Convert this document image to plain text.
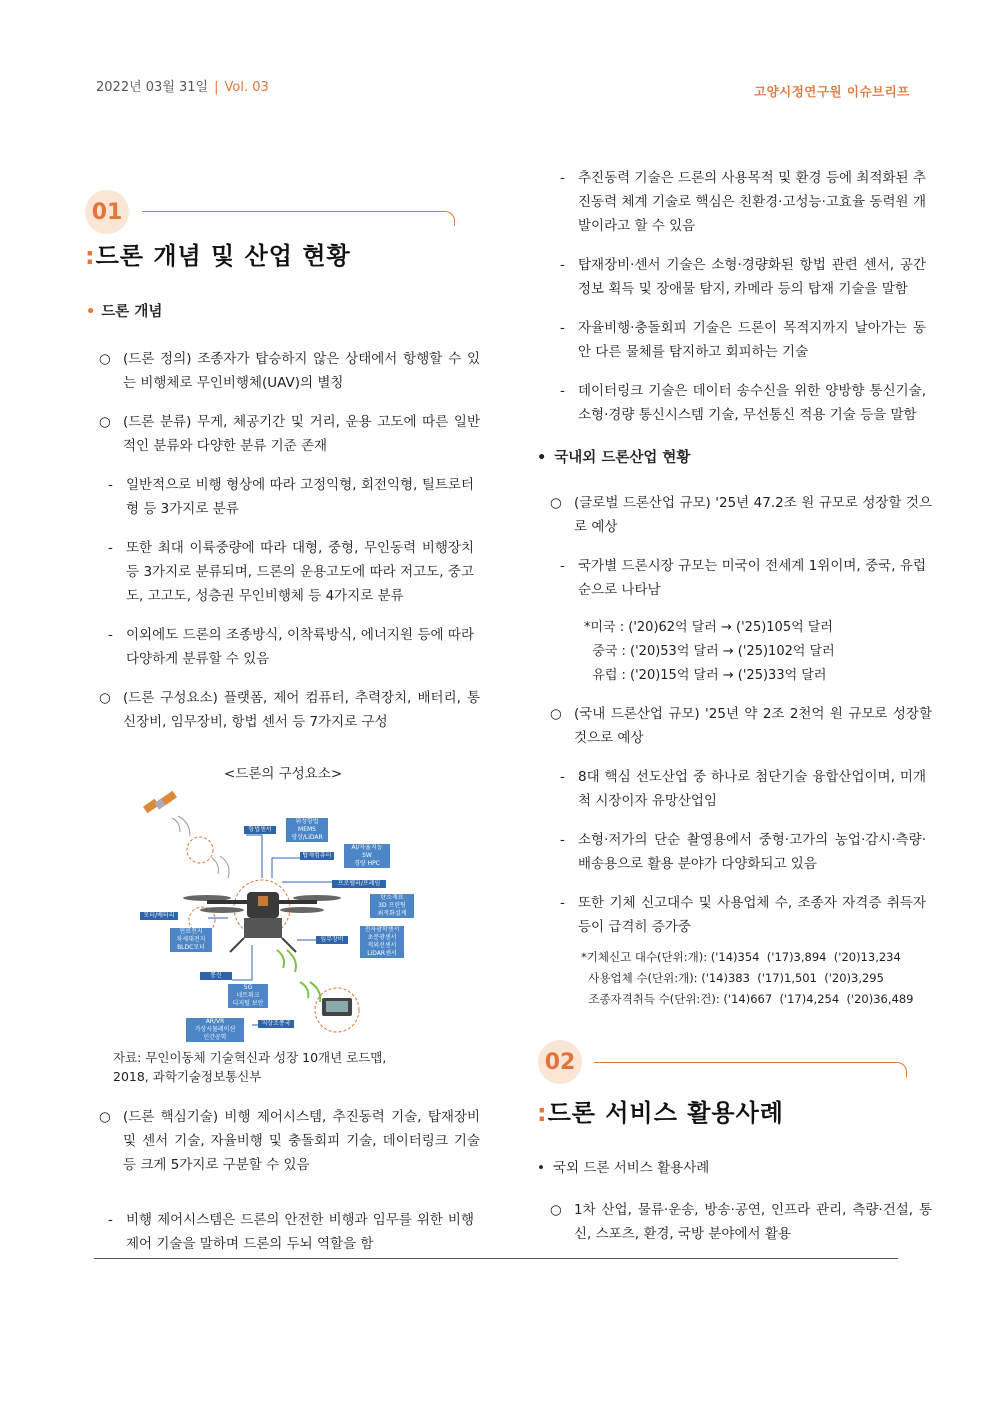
2022년 03월 31일 | Vol. 03	고양시정연구원 이슈브리프
01
:드론 개념 및 산업 현황
• 드론 개념
○ (드론 정의) 조종자가 탑승하지 않은 상태에서 항행할 수 있는 비행체로 무인비행체(UAV)의 별칭
○ (드론 분류) 무게, 체공기간 및 거리, 운용 고도에 따른 일반적인 분류와 다양한 분류 기준 존재
- 일반적으로 비행 형상에 따라 고정익형, 회전익형, 틸트로터형 등 3가지로 분류
- 또한 최대 이륙중량에 따라 대형, 중형, 무인동력 비행장치 등 3가지로 분류되며, 드론의 운용고도에 따라 저고도, 중고도, 고고도, 성층권 무인비행체 등 4가지로 분류
- 이외에도 드론의 조종방식, 이착륙방식, 에너지원 등에 따라 다양하게 분류할 수 있음
○ (드론 구성요소) 플랫폼, 제어 컴퓨터, 추력장치, 배터리, 통신장비, 임무장비, 항법 센서 등 7가지로 구성
<드론의 구성요소>
항법센서
위성항법
MEMS
영상/LiDAR
탑재컴퓨터
AI/자율지능
SW
경량 HPC
프로펠러/프레임
탄소재료
3D 프린팅
최적화설계
모터/배터리
연료전지
차세대전지
BLDC모터
임무장비
전자광학센서
초분광센서
적외선센서
LiDAR센서
통신
5G
네트워크
디지털 보안
지상조종국
AR/VR
가상시뮬레이션
인간공학
자료: 무인이동체 기술혁신과 성장 10개년 로드맵,
2018, 과학기술정보통신부
○ (드론 핵심기술) 비행 제어시스템, 추진동력 기술, 탑재장비 및 센서 기술, 자율비행 및 충돌회피 기술, 데이터링크 기술 등 크게 5가지로 구분할 수 있음
- 비행 제어시스템은 드론의 안전한 비행과 임무를 위한 비행제어 기술을 말하며 드론의 두뇌 역할을 함
- 추진동력 기술은 드론의 사용목적 및 환경 등에 최적화된 추진동력 체계 기술로 핵심은 친환경·고성능·고효율 동력원 개발이라고 할 수 있음
- 탑재장비·센서 기술은 소형·경량화된 항법 관련 센서, 공간정보 획득 및 장애물 탐지, 카메라 등의 탑재 기술을 말함
- 자율비행·충돌회피 기술은 드론이 목적지까지 날아가는 동안 다른 물체를 탐지하고 회피하는 기술
- 데이터링크 기술은 데이터 송수신을 위한 양방향 통신기술, 소형·경량 통신시스템 기술, 무선통신 적용 기술 등을 말함
• 국내외 드론산업 현황
○ (글로벌 드론산업 규모) '25년 47.2조 원 규모로 성장할 것으로 예상
- 국가별 드론시장 규모는 미국이 전세계 1위이며, 중국, 유럽 순으로 나타남
*미국 : ('20)62억 달러 → ('25)105억 달러
중국 : ('20)53억 달러 → ('25)102억 달러
유럽 : ('20)15억 달러 → ('25)33억 달러
○ (국내 드론산업 규모) '25년 약 2조 2천억 원 규모로 성장할 것으로 예상
- 8대 핵심 선도산업 중 하나로 첨단기술 융합산업이며, 미개척 시장이자 유망산업임
- 소형·저가의 단순 촬영용에서 중형·고가의 농업·감시·측량·배송용으로 활용 분야가 다양화되고 있음
- 또한 기체 신고대수 및 사용업체 수, 조종자 자격증 취득자 등이 급격히 증가중
*기체신고 대수(단위:개): ('14)354  ('17)3,894  ('20)13,234
사용업체 수(단위:개): ('14)383  ('17)1,501  ('20)3,295
조종자격취득 수(단위:건): ('14)667  ('17)4,254  ('20)36,489
02
:드론 서비스 활용사례
• 국외 드론 서비스 활용사례
○ 1차 산업, 물류·운송, 방송·공연, 인프라 관리, 측량·건설, 통신, 스포츠, 환경, 국방 분야에서 활용
